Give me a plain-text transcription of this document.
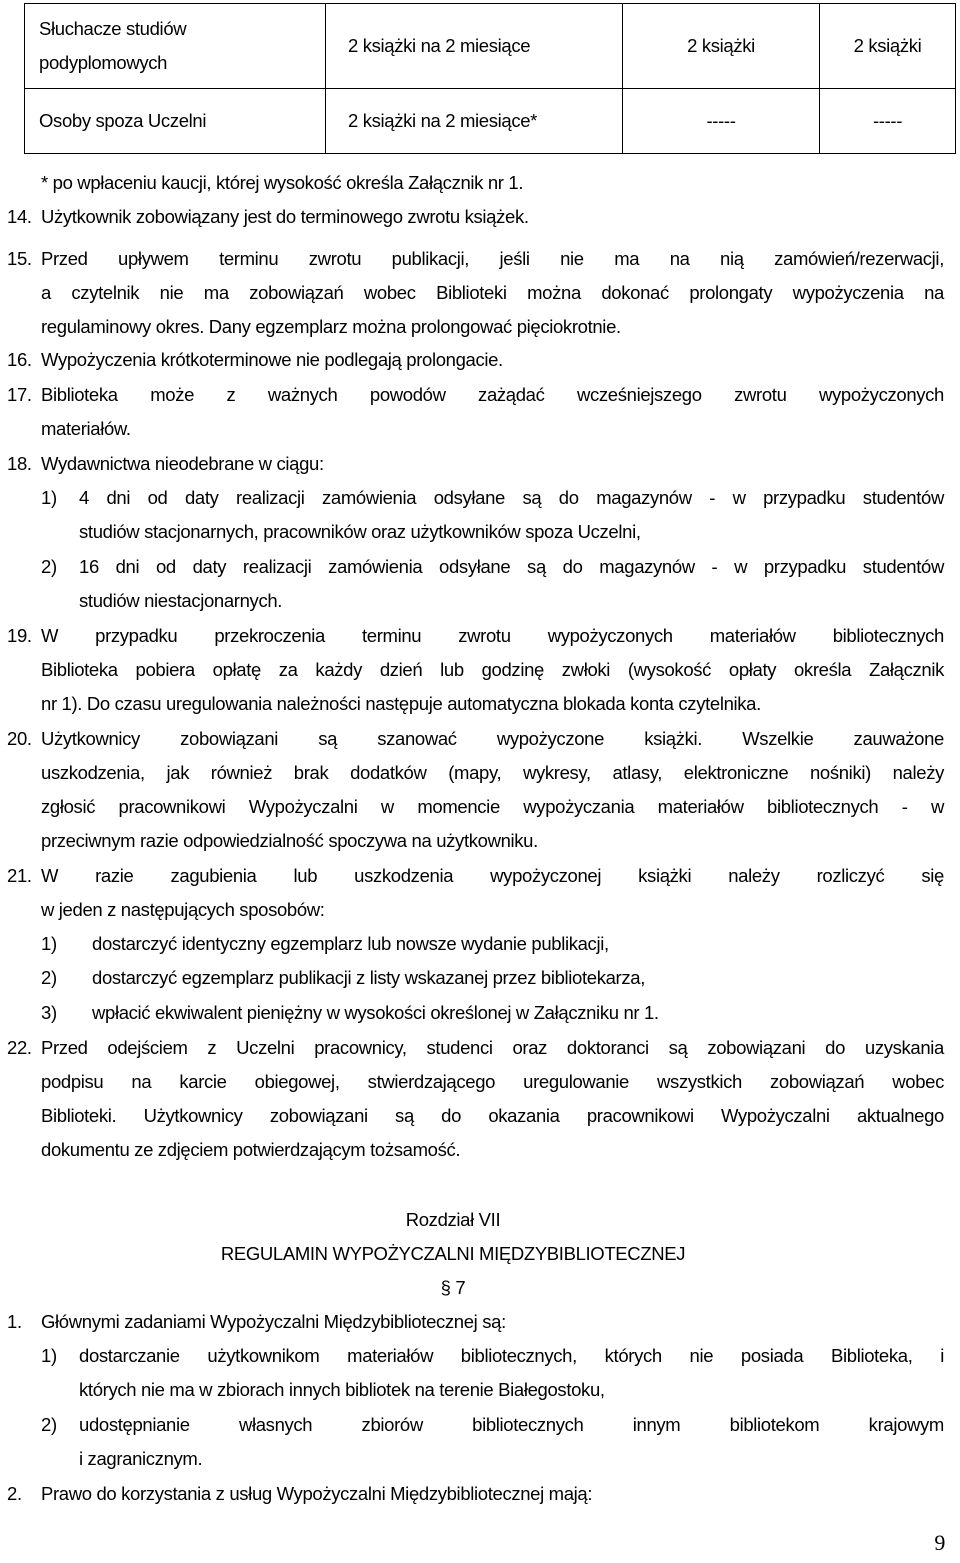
Słuchacze studiów podyplomowych	2 książki na 2 miesiące	2 książki	2 książki
Osoby spoza Uczelni	2 książki na 2 miesiące*	-----	-----
* po wpłaceniu kaucji, której wysokość określa Załącznik nr 1.
14. Użytkownik zobowiązany jest do terminowego zwrotu książek.
15. Przed upływem terminu zwrotu publikacji, jeśli nie ma na nią zamówień/rezerwacji,
a czytelnik nie ma zobowiązań wobec Biblioteki można dokonać prolongaty wypożyczenia na
regulaminowy okres. Dany egzemplarz można prolongować pięciokrotnie.
16. Wypożyczenia krótkoterminowe nie podlegają prolongacie.
17. Biblioteka może z ważnych powodów zażądać wcześniejszego zwrotu wypożyczonych
materiałów.
18. Wydawnictwa nieodebrane w ciągu:
1) 4 dni od daty realizacji zamówienia odsyłane są do magazynów - w przypadku studentów
studiów stacjonarnych, pracowników oraz użytkowników spoza Uczelni,
2) 16 dni od daty realizacji zamówienia odsyłane są do magazynów - w przypadku studentów
studiów niestacjonarnych.
19. W przypadku przekroczenia terminu zwrotu wypożyczonych materiałów bibliotecznych
Biblioteka pobiera opłatę za każdy dzień lub godzinę zwłoki (wysokość opłaty określa Załącznik
nr 1). Do czasu uregulowania należności następuje automatyczna blokada konta czytelnika.
20. Użytkownicy zobowiązani są szanować wypożyczone książki. Wszelkie zauważone
uszkodzenia, jak również brak dodatków (mapy, wykresy, atlasy, elektroniczne nośniki) należy
zgłosić pracownikowi Wypożyczalni w momencie wypożyczania materiałów bibliotecznych - w
przeciwnym razie odpowiedzialność spoczywa na użytkowniku.
21. W razie zagubienia lub uszkodzenia wypożyczonej książki należy rozliczyć się
w jeden z następujących sposobów:
1) dostarczyć identyczny egzemplarz lub nowsze wydanie publikacji,
2) dostarczyć egzemplarz publikacji z listy wskazanej przez bibliotekarza,
3) wpłacić ekwiwalent pieniężny w wysokości określonej w Załączniku nr 1.
22. Przed odejściem z Uczelni pracownicy, studenci oraz doktoranci są zobowiązani do uzyskania
podpisu na karcie obiegowej, stwierdzającego uregulowanie wszystkich zobowiązań wobec
Biblioteki. Użytkownicy zobowiązani są do okazania pracownikowi Wypożyczalni aktualnego
dokumentu ze zdjęciem potwierdzającym tożsamość.
Rozdział VII
REGULAMIN WYPOŻYCZALNI MIĘDZYBIBLIOTECZNEJ
§ 7
1. Głównymi zadaniami Wypożyczalni Międzybibliotecznej są:
1) dostarczanie użytkownikom materiałów bibliotecznych, których nie posiada Biblioteka, i
których nie ma w zbiorach innych bibliotek na terenie Białegostoku,
2) udostępnianie własnych zbiorów bibliotecznych innym bibliotekom krajowym
i zagranicznym.
2. Prawo do korzystania z usług Wypożyczalni Międzybibliotecznej mają:
9
